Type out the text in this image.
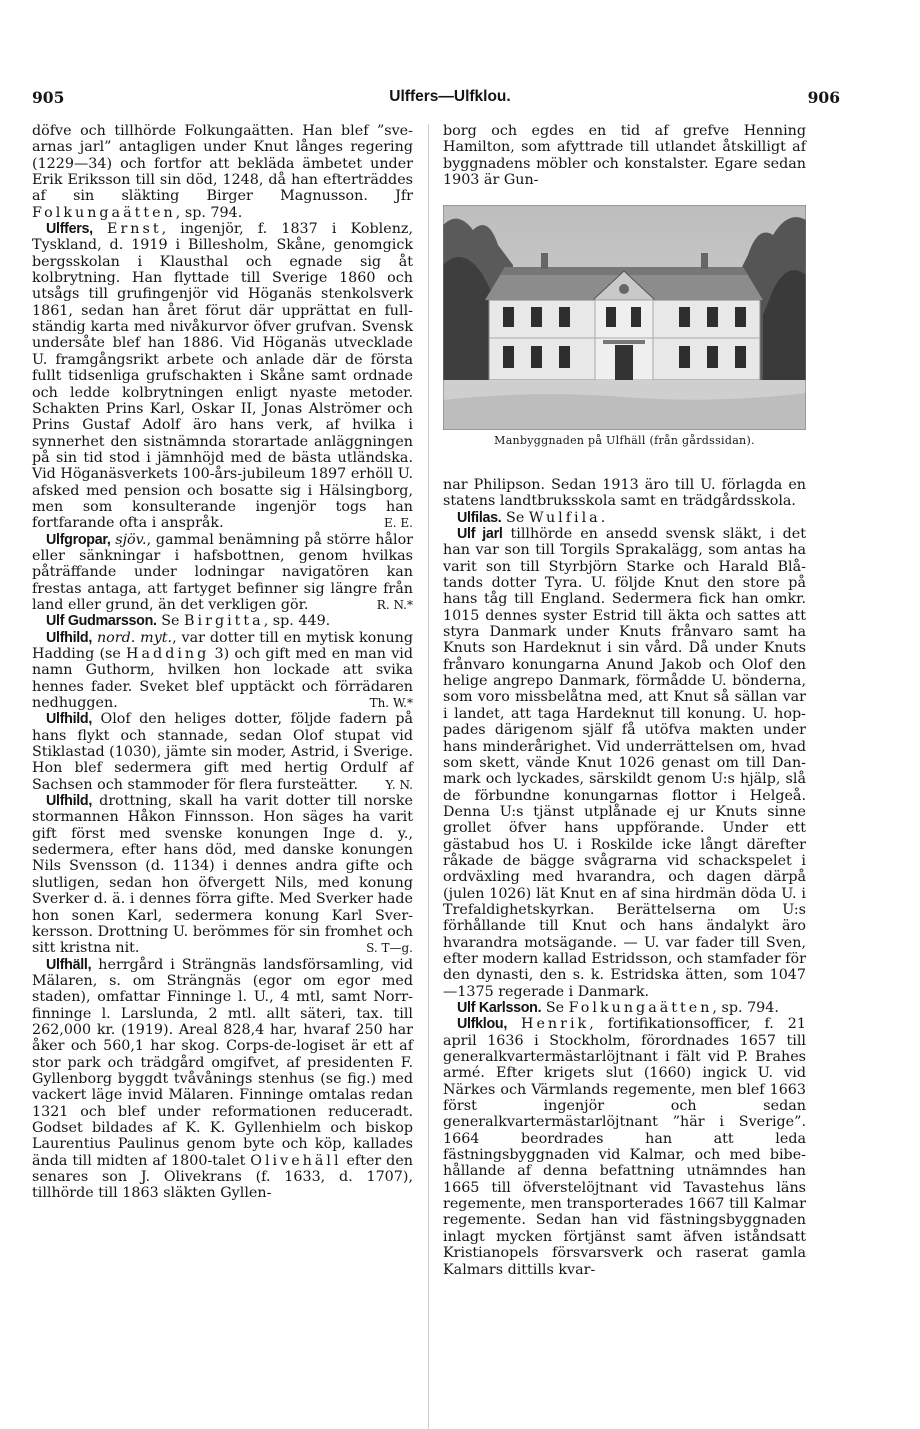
905	Ulffers—Ulfklou.	906

döfve och tillhörde Folkungaätten. Han blef ”svearnas jarl” antagligen under Knut långes regering (1229—34) och fortfor att bekläda ämbetet under Erik Eriksson till sin död, 1248, då han efterträddes af sin släkting Birger Magnusson. Jfr Folkungaätten, sp. 794.

Ulffers, Ernst, ingenjör, f. 1837 i Koblenz, Tyskland, d. 1919 i Billesholm, Skåne, genomgick bergsskolan i Klausthal och egnade sig åt kolbrytning. Han flyttade till Sverige 1860 och utsågs till grufingenjör vid Höganäs stenkolsverk 1861, sedan han året förut där upprättat en fullständig karta med nivåkurvor öfver grufvan. Svensk undersåte blef han 1886. Vid Höganäs utvecklade U. framgångsrikt arbete och anlade där de första fullt tidsenliga grufschakten i Skåne samt ordnade och ledde kolbrytningen enligt nyaste metoder. Schakten Prins Karl, Oskar II, Jonas Alströmer och Prins Gustaf Adolf äro hans verk, af hvilka i synnerhet den sistnämnda storartade anläggningen på sin tid stod i jämnhöjd med de bästa utländska. Vid Höganäsverkets 100-års-jubileum 1897 erhöll U. afsked med pension och bosatte sig i Hälsingborg, men som konsulterande ingenjör togs han fortfarande ofta i anspråk.	E. E.

Ulfgropar, sjöv., gammal benämning på större hålor eller sänkningar i hafsbottnen, genom hvilkas påträffande under lodningar navigatören kan frestas antaga, att fartyget befinner sig längre från land eller grund, än det verkligen gör.	R. N.*

Ulf Gudmarsson. Se Birgitta, sp. 449.

Ulfhild, nord. myt., var dotter till en mytisk konung Hadding (se Hadding 3) och gift med en man vid namn Guthorm, hvilken hon lockade att svika hennes fader. Sveket blef upptäckt och förrädaren nedhuggen.	Th. W.*

Ulfhild, Olof den heliges dotter, följde fadern på hans flykt och stannade, sedan Olof stupat vid Stiklastad (1030), jämte sin moder, Astrid, i Sverige. Hon blef sedermera gift med hertig Ordulf af Sachsen och stammoder för flera fursteätter.	Y. N.

Ulfhild, drottning, skall ha varit dotter till norske stormannen Håkon Finnsson. Hon säges ha varit gift först med svenske konungen Inge d. y., sedermera, efter hans död, med danske konungen Nils Svensson (d. 1134) i dennes andra gifte och slutligen, sedan hon öfvergett Nils, med konung Sverker d. ä. i dennes förra gifte. Med Sverker hade hon sonen Karl, sedermera konung Karl Sverkersson. Drottning U. berömmes för sin fromhet och sitt kristna nit.	S. T—g.

Ulfhäll, herrgård i Strängnäs landsförsamling, vid Mälaren, s. om Strängnäs (egor om egor med staden), omfattar Finninge l. U., 4 mtl, samt Norrfinninge l. Larslunda, 2 mtl. allt säteri, tax. till 262,000 kr. (1919). Areal 828,4 har, hvaraf 250 har åker och 560,1 har skog. Corps-de-logiset är ett af stor park och trädgård omgifvet, af presidenten F. Gyllenborg byggdt tvåvånings stenhus (se fig.) med vackert läge invid Mälaren. Finninge omtalas redan 1321 och blef under reformationen reduceradt. Godset bildades af K. K. Gyllenhielm och biskop Laurentius Paulinus genom byte och köp, kallades ända till midten af 1800-talet Olivehäll efter den senares son J. Olivekrans (f. 1633, d. 1707), tillhörde till 1863 släkten Gyllen-

borg och egdes en tid af grefve Henning Hamilton, som afyttrade till utlandet åtskilligt af byggnadens möbler och konstalster. Egare sedan 1903 är Gun-

Manbyggnaden på Ulfhäll (från gårdssidan).

nar Philipson. Sedan 1913 äro till U. förlagda en statens landtbruksskola samt en trädgårdsskola.

Ulfilas. Se Wulfila.

Ulf jarl tillhörde en ansedd svensk släkt, i det han var son till Torgils Sprakalägg, som antas ha varit son till Styrbjörn Starke och Harald Blåtands dotter Tyra. U. följde Knut den store på hans tåg till England. Sedermera fick han omkr. 1015 dennes syster Estrid till äkta och sattes att styra Danmark under Knuts frånvaro samt ha Knuts son Hardeknut i sin vård. Då under Knuts frånvaro konungarna Anund Jakob och Olof den helige angrepo Danmark, förmådde U. bönderna, som voro missbelåtna med, att Knut så sällan var i landet, att taga Hardeknut till konung. U. hoppades därigenom själf få utöfva makten under hans minderårighet. Vid underrättelsen om, hvad som skett, vände Knut 1026 genast om till Danmark och lyckades, särskildt genom U:s hjälp, slå de förbundne konungarnas flottor i Helgeå. Denna U:s tjänst utplånade ej ur Knuts sinne grollet öfver hans uppförande. Under ett gästabud hos U. i Roskilde icke långt därefter råkade de bägge svågrarna vid schackspelet i ordväxling med hvarandra, och dagen därpå (julen 1026) lät Knut en af sina hirdmän döda U. i Trefaldighetskyrkan. Berättelserna om U:s förhållande till Knut och hans ändalykt äro hvarandra motsägande. — U. var fader till Sven, efter modern kallad Estridsson, och stamfader för den dynasti, den s. k. Estridska ätten, som 1047—1375 regerade i Danmark.

Ulf Karlsson. Se Folkungaätten, sp. 794.

Ulfklou, Henrik, fortifikationsofficer, f. 21 april 1636 i Stockholm, förordnades 1657 till generalkvartermästarlöjtnant i fält vid P. Brahes armé. Efter krigets slut (1660) ingick U. vid Närkes och Värmlands regemente, men blef 1663 först ingenjör och sedan generalkvartermästarlöjtnant ”här i Sverige”. 1664 beordrades han att leda fästningsbyggnaden vid Kalmar, och med bibehållande af denna befattning utnämndes han 1665 till öfverstelöjtnant vid Tavastehus läns regemente, men transporterades 1667 till Kalmar regemente. Sedan han vid fästningsbyggnaden inlagt mycken förtjänst samt äfven iståndsatt Kristianopels försvarsverk och raserat gamla Kalmars dittills kvar-
